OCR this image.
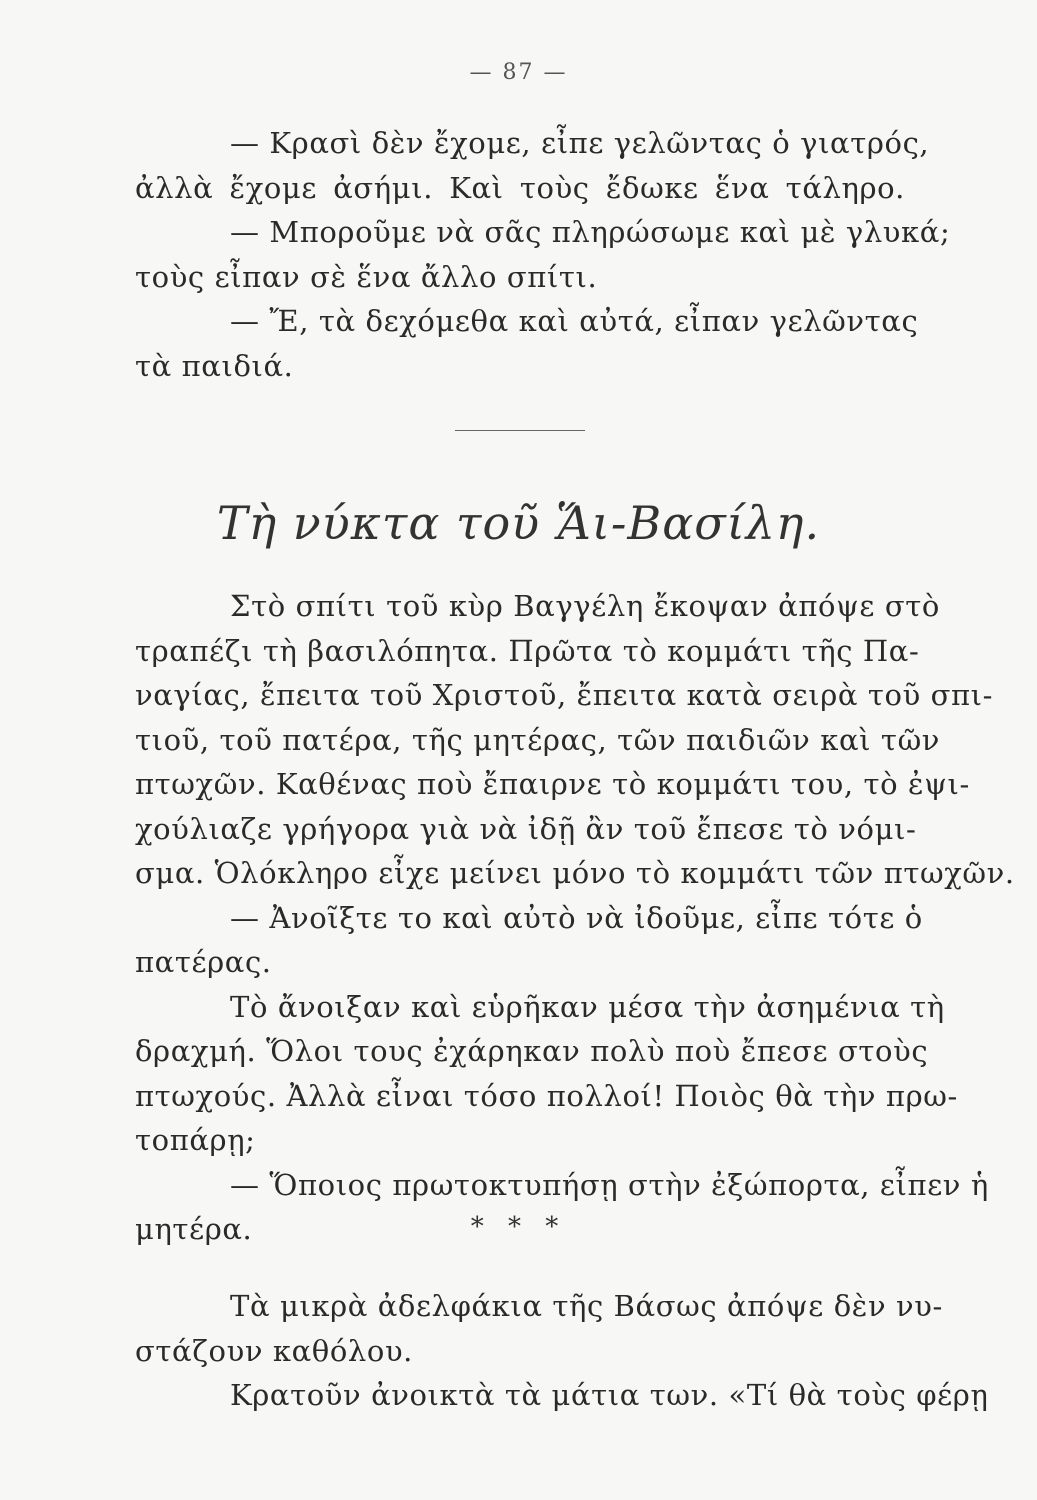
— 87 —
— Κρασὶ δὲν ἔχομε, εἶπε γελῶντας ὁ γιατρός,
ἀλλὰ ἔχομε ἀσήμι. Καὶ τοὺς ἔδωκε ἕνα τάληρο.
— Μποροῦμε νὰ σᾶς πληρώσωμε καὶ μὲ γλυκά;
τοὺς εἶπαν σὲ ἕνα ἄλλο σπίτι.
— Ἔ, τὰ δεχόμεθα καὶ αὐτά, εἶπαν γελῶντας
τὰ παιδιά.
Τὴ νύκτα τοῦ Ἅι-Βασίλη.
Στὸ σπίτι τοῦ κὺρ Βαγγέλη ἔκοψαν ἀπόψε στὸ
τραπέζι τὴ βασιλόπητα. Πρῶτα τὸ κομμάτι τῆς Πα-
ναγίας, ἔπειτα τοῦ Χριστοῦ, ἔπειτα κατὰ σειρὰ τοῦ σπι-
τιοῦ, τοῦ πατέρα, τῆς μητέρας, τῶν παιδιῶν καὶ τῶν
πτωχῶν. Καθένας ποὺ ἔπαιρνε τὸ κομμάτι του, τὸ ἐψι-
χούλιαζε γρήγορα γιὰ νὰ ἰδῇ ἂν τοῦ ἔπεσε τὸ νόμι-
σμα. Ὁλόκληρο εἶχε μείνει μόνο τὸ κομμάτι τῶν πτωχῶν.
— Ἀνοῖξτε το καὶ αὐτὸ νὰ ἰδοῦμε, εἶπε τότε ὁ
πατέρας.
Τὸ ἄνοιξαν καὶ εὑρῆκαν μέσα τὴν ἀσημένια τὴ
δραχμή. Ὅλοι τους ἐχάρηκαν πολὺ ποὺ ἔπεσε στοὺς
πτωχούς. Ἀλλὰ εἶναι τόσο πολλοί! Ποιὸς θὰ τὴν πρω-
τοπάρῃ;
— Ὅποιος πρωτοκτυπήσῃ στὴν ἐξώπορτα, εἶπεν ἡ
μητέρα.	* * *
Τὰ μικρὰ ἀδελφάκια τῆς Βάσως ἀπόψε δὲν νυ-
στάζουν καθόλου.
Κρατοῦν ἀνοικτὰ τὰ μάτια των. «Τί θὰ τοὺς φέρῃ
